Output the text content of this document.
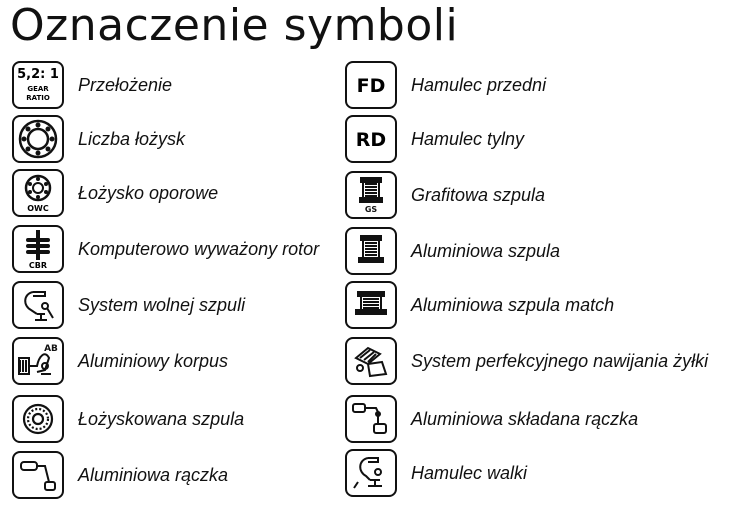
Oznaczenie symboli
5,2: 1
GEAR
RATIO
Przełożenie
Liczba łożysk
OWC
Łożysko oporowe
CBR
Komputerowo wyważony rotor
System wolnej szpuli
AB
Aluminiowy korpus
Łożyskowana szpula
Aluminiowa rączka
FD Hamulec przedni
RD Hamulec tylny
GS
Grafitowa szpula
Aluminiowa szpula
Aluminiowa szpula match
System perfekcyjnego nawijania żyłki
Aluminiowa składana rączka
Hamulec walki
